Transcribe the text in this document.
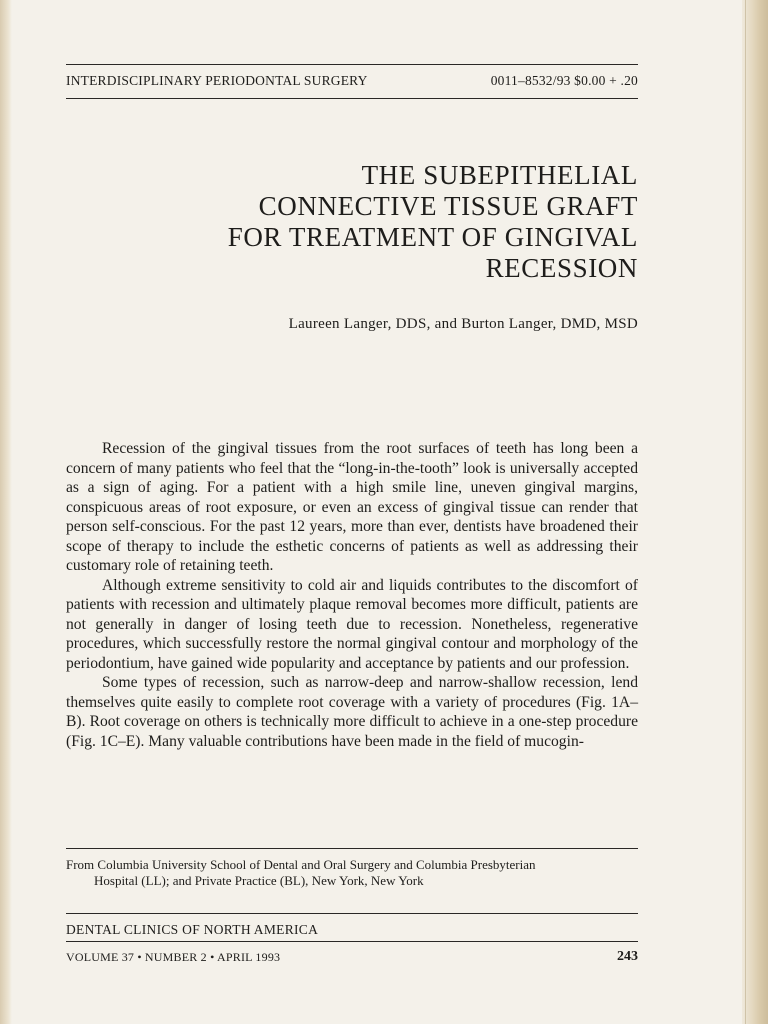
INTERDISCIPLINARY PERIODONTAL SURGERY	0011–8532/93 $0.00 + .20
THE SUBEPITHELIAL
CONNECTIVE TISSUE GRAFT
FOR TREATMENT OF GINGIVAL
RECESSION
Laureen Langer, DDS, and Burton Langer, DMD, MSD

Recession of the gingival tissues from the root surfaces of teeth has long been a concern of many patients who feel that the “long-in-the-tooth” look is universally accepted as a sign of aging. For a patient with a high smile line, uneven gingival margins, conspicuous areas of root exposure, or even an excess of gingival tissue can render that person self-conscious. For the past 12 years, more than ever, dentists have broadened their scope of therapy to include the esthetic concerns of patients as well as addressing their customary role of retaining teeth.

Although extreme sensitivity to cold air and liquids contributes to the discomfort of patients with recession and ultimately plaque removal becomes more difficult, patients are not generally in danger of losing teeth due to recession. Nonetheless, regenerative procedures, which successfully restore the normal gingival contour and morphology of the periodontium, have gained wide popularity and acceptance by patients and our profession.

Some types of recession, such as narrow-deep and narrow-shallow recession, lend themselves quite easily to complete root coverage with a variety of procedures (Fig. 1A–B). Root coverage on others is technically more difficult to achieve in a one-step procedure (Fig. 1C–E). Many valuable contributions have been made in the field of mucogin-

From Columbia University School of Dental and Oral Surgery and Columbia Presbyterian
Hospital (LL); and Private Practice (BL), New York, New York
DENTAL CLINICS OF NORTH AMERICA
VOLUME 37 • NUMBER 2 • APRIL 1993	243
